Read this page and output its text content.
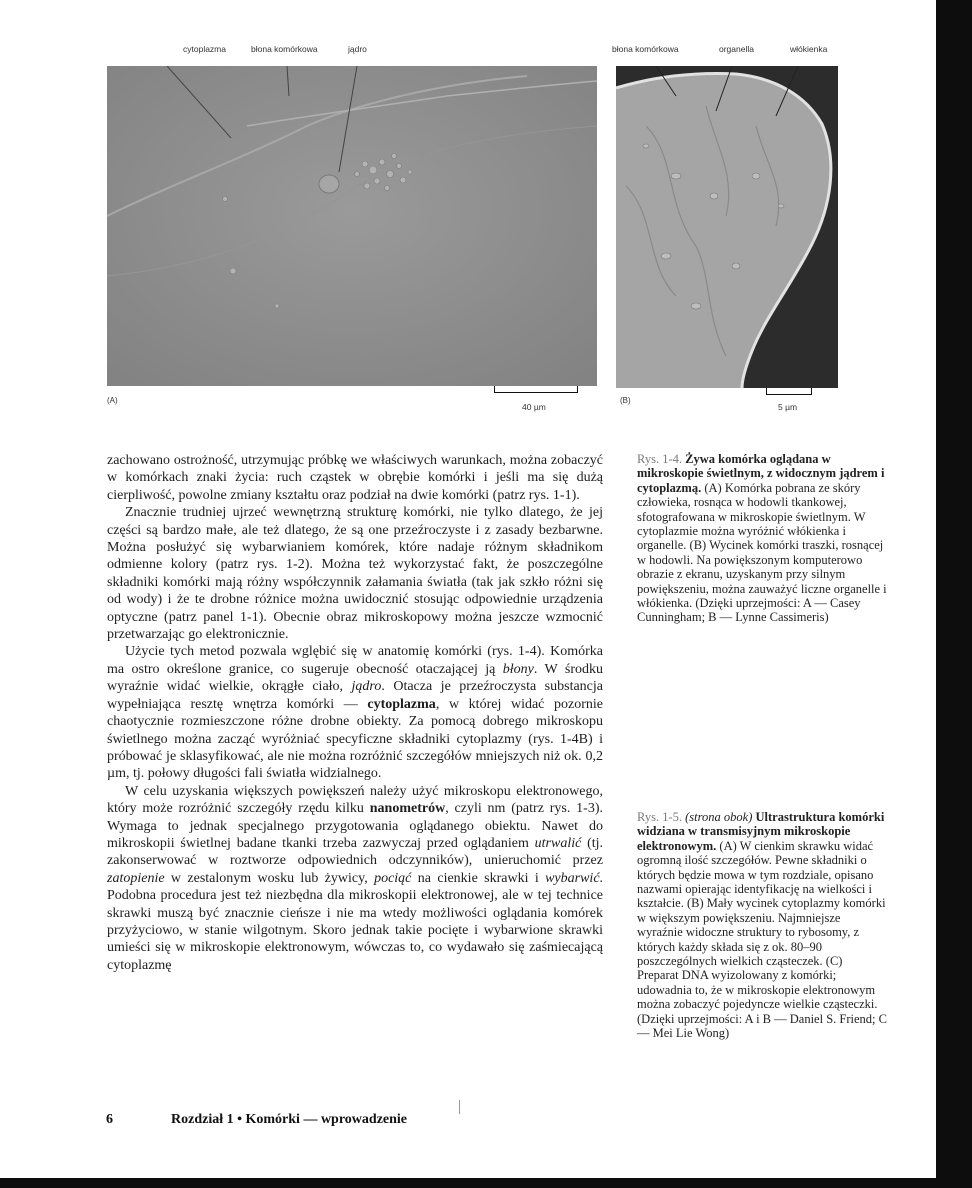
cytoplazma	błona komórkowa	jądro	błona komórkowa	organella	włókienka
(A)
40 µm
(B)
5 µm

zachowano ostrożność, utrzymując próbkę we właściwych warunkach, można zobaczyć w komórkach znaki życia: ruch cząstek w obrębie komórki i jeśli ma się dużą cierpliwość, powolne zmiany kształtu oraz podział na dwie komórki (patrz rys. 1-1).

Znacznie trudniej ujrzeć wewnętrzną strukturę komórki, nie tylko dlatego, że jej części są bardzo małe, ale też dlatego, że są one przeźroczyste i z zasady bezbarwne. Można posłużyć się wybarwianiem komórek, które nadaje różnym składnikom odmienne kolory (patrz rys. 1-2). Można też wykorzystać fakt, że poszczególne składniki komórki mają różny współczynnik załamania światła (tak jak szkło różni się od wody) i że te drobne różnice można uwidocznić stosując odpowiednie urządzenia optyczne (patrz panel 1-1). Obecnie obraz mikroskopowy można jeszcze wzmocnić przetwarzając go elektronicznie.

Użycie tych metod pozwala wglębić się w anatomię komórki (rys. 1-4). Komórka ma ostro określone granice, co sugeruje obecność otaczającej ją błony. W środku wyraźnie widać wielkie, okrągłe ciało, jądro. Otacza je przeźroczysta substancja wypełniająca resztę wnętrza komórki — cytoplazma, w której widać pozornie chaotycznie rozmieszczone różne drobne obiekty. Za pomocą dobrego mikroskopu świetlnego można zacząć wyróżniać specyficzne składniki cytoplazmy (rys. 1-4B) i próbować je sklasyfikować, ale nie można rozróżnić szczegółów mniejszych niż ok. 0,2 µm, tj. połowy długości fali światła widzialnego.

W celu uzyskania większych powiększeń należy użyć mikroskopu elektronowego, który może rozróżnić szczegóły rzędu kilku nanometrów, czyli nm (patrz rys. 1-3). Wymaga to jednak specjalnego przygotowania oglądanego obiektu. Nawet do mikroskopii świetlnej badane tkanki trzeba zazwyczaj przed oglądaniem utrwalić (tj. zakonserwować w roztworze odpowiednich odczynników), unieruchomić przez zatopienie w zestalonym wosku lub żywicy, pociąć na cienkie skrawki i wybarwić. Podobna procedura jest też niezbędna dla mikroskopii elektronowej, ale w tej technice skrawki muszą być znacznie cieńsze i nie ma wtedy możliwości oglądania komórek przyżyciowo, w stanie wilgotnym. Skoro jednak takie pocięte i wybarwione skrawki umieści się w mikroskopie elektronowym, wówczas to, co wydawało się zaśmiecającą cytoplazmę

Rys. 1-4. Żywa komórka oglądana w mikroskopie świetlnym, z widocznym jądrem i cytoplazmą. (A) Komórka pobrana ze skóry człowieka, rosnąca w hodowli tkankowej, sfotografowana w mikroskopie świetlnym. W cytoplazmie można wyróżnić włókienka i organelle. (B) Wycinek komórki traszki, rosnącej w hodowli. Na powiększonym komputerowo obrazie z ekranu, uzyskanym przy silnym powiększeniu, można zauważyć liczne organelle i włókienka. (Dzięki uprzejmości: A — Casey Cunningham; B — Lynne Cassimeris)
Rys. 1-5. (strona obok) Ultrastruktura komórki widziana w transmisyjnym mikroskopie elektronowym. (A) W cienkim skrawku widać ogromną ilość szczegółów. Pewne składniki o których będzie mowa w tym rozdziale, opisano nazwami opierając identyfikację na wielkości i kształcie. (B) Mały wycinek cytoplazmy komórki w większym powiększeniu. Najmniejsze wyraźnie widoczne struktury to rybosomy, z których każdy składa się z ok. 80–90 poszczególnych wielkich cząsteczek. (C) Preparat DNA wyizolowany z komórki; udowadnia to, że w mikroskopie elektronowym można zobaczyć pojedyncze wielkie cząsteczki. (Dzięki uprzejmości: A i B — Daniel S. Friend; C — Mei Lie Wong)
6	Rozdział 1 • Komórki — wprowadzenie
